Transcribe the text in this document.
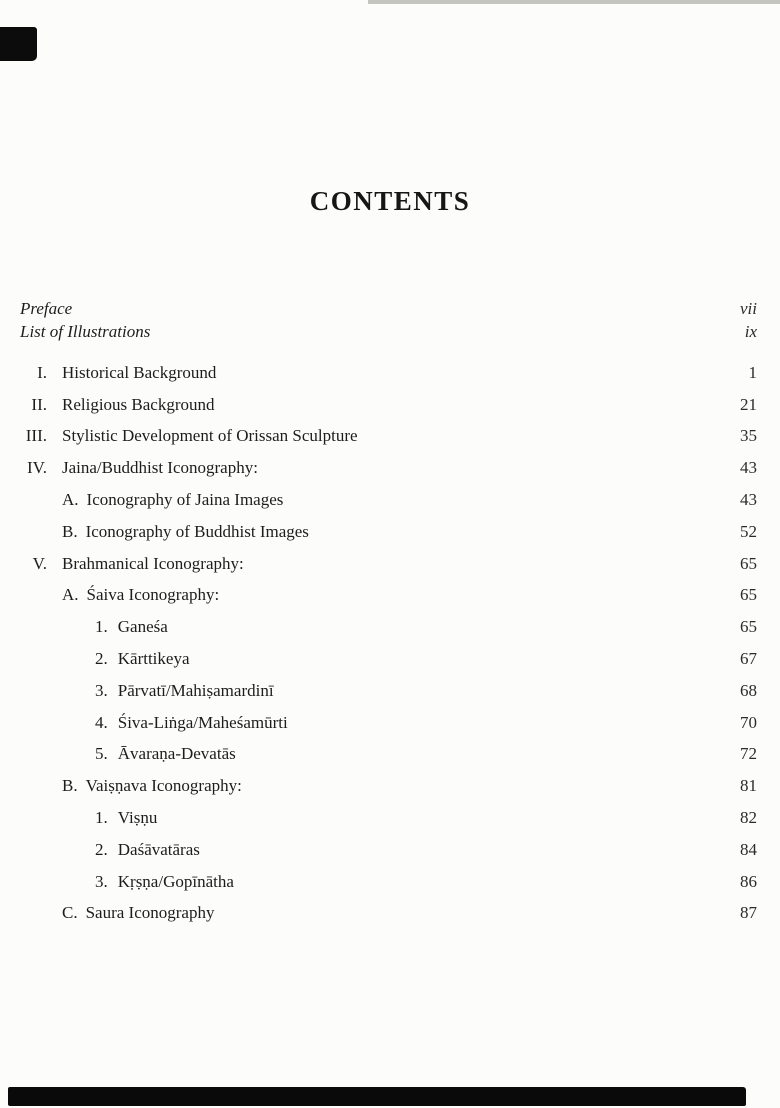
CONTENTS
Preface	vii
List of Illustrations	ix
I. Historical Background	1
II. Religious Background	21
III. Stylistic Development of Orissan Sculpture	35
IV. Jaina/Buddhist Iconography:	43
A. Iconography of Jaina Images	43
B. Iconography of Buddhist Images	52
V. Brahmanical Iconography:	65
A. Śaiva Iconography:	65
1. Ganeśa	65
2. Kārttikeya	67
3. Pārvatī/Mahiṣamardinī	68
4. Śiva-Liṅga/Maheśamūrti	70
5. Āvaraṇa-Devatās	72
B. Vaiṣṇava Iconography:	81
1. Viṣṇu	82
2. Daśāvatāras	84
3. Kṛṣṇa/Gopīnātha	86
C. Saura Iconography	87
